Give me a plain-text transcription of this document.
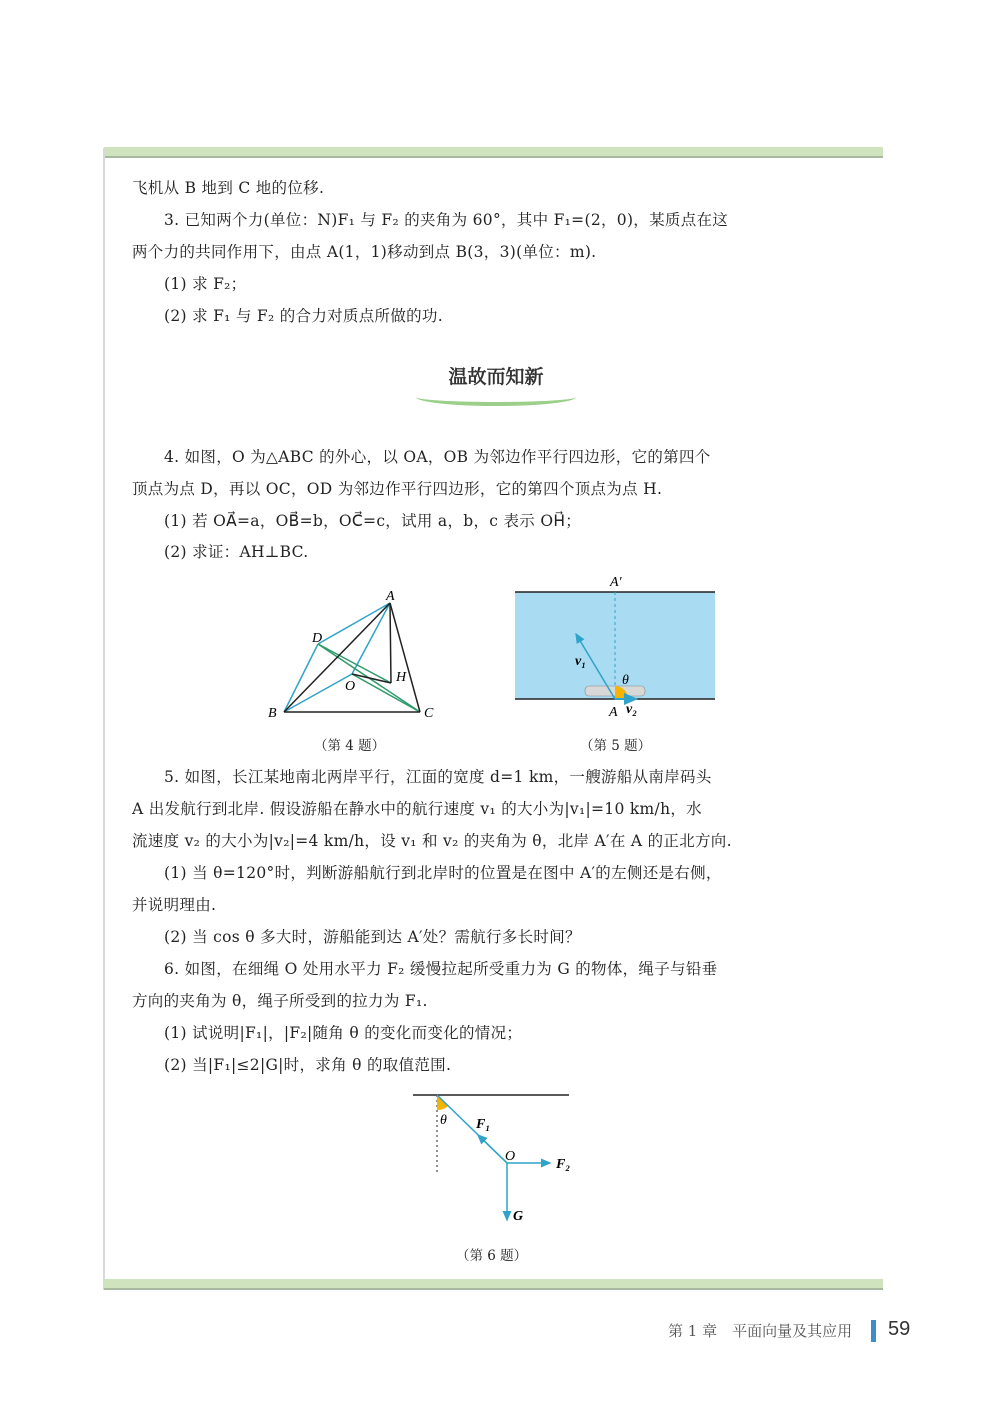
飞机从 B 地到 C 地的位移.
3. 已知两个力(单位：N)F₁ 与 F₂ 的夹角为 60°，其中 F₁=(2，0)，某质点在这
两个力的共同作用下，由点 A(1，1)移动到点 B(3，3)(单位：m).
(1) 求 F₂；
(2) 求 F₁ 与 F₂ 的合力对质点所做的功.
温故而知新
4. 如图，O 为△ABC 的外心，以 OA，OB 为邻边作平行四边形，它的第四个
顶点为点 D，再以 OC，OD 为邻边作平行四边形，它的第四个顶点为点 H.
(1) 若 OA⃗=a，OB⃗=b，OC⃗=c，试用 a，b，c 表示 OH⃗；
(2) 求证：AH⊥BC.
A
D
O
H
B	C
（第 4 题）
A′
v₁
θ
A v₂
（第 5 题）
5. 如图，长江某地南北两岸平行，江面的宽度 d=1 km，一艘游船从南岸码头
A 出发航行到北岸. 假设游船在静水中的航行速度 v₁ 的大小为|v₁|=10 km/h，水
流速度 v₂ 的大小为|v₂|=4 km/h，设 v₁ 和 v₂ 的夹角为 θ，北岸 A′在 A 的正北方向.
(1) 当 θ=120°时，判断游船航行到北岸时的位置是在图中 A′的左侧还是右侧，
并说明理由.
(2) 当 cos θ 多大时，游船能到达 A′处？需航行多长时间？
6. 如图，在细绳 O 处用水平力 F₂ 缓慢拉起所受重力为 G 的物体，绳子与铅垂
方向的夹角为 θ，绳子所受到的拉力为 F₁.
(1) 试说明|F₁|，|F₂|随角 θ 的变化而变化的情况；
(2) 当|F₁|≤2|G|时，求角 θ 的取值范围.
θ F₁
O
F₂
G
（第 6 题）
第 1 章　平面向量及其应用 59
